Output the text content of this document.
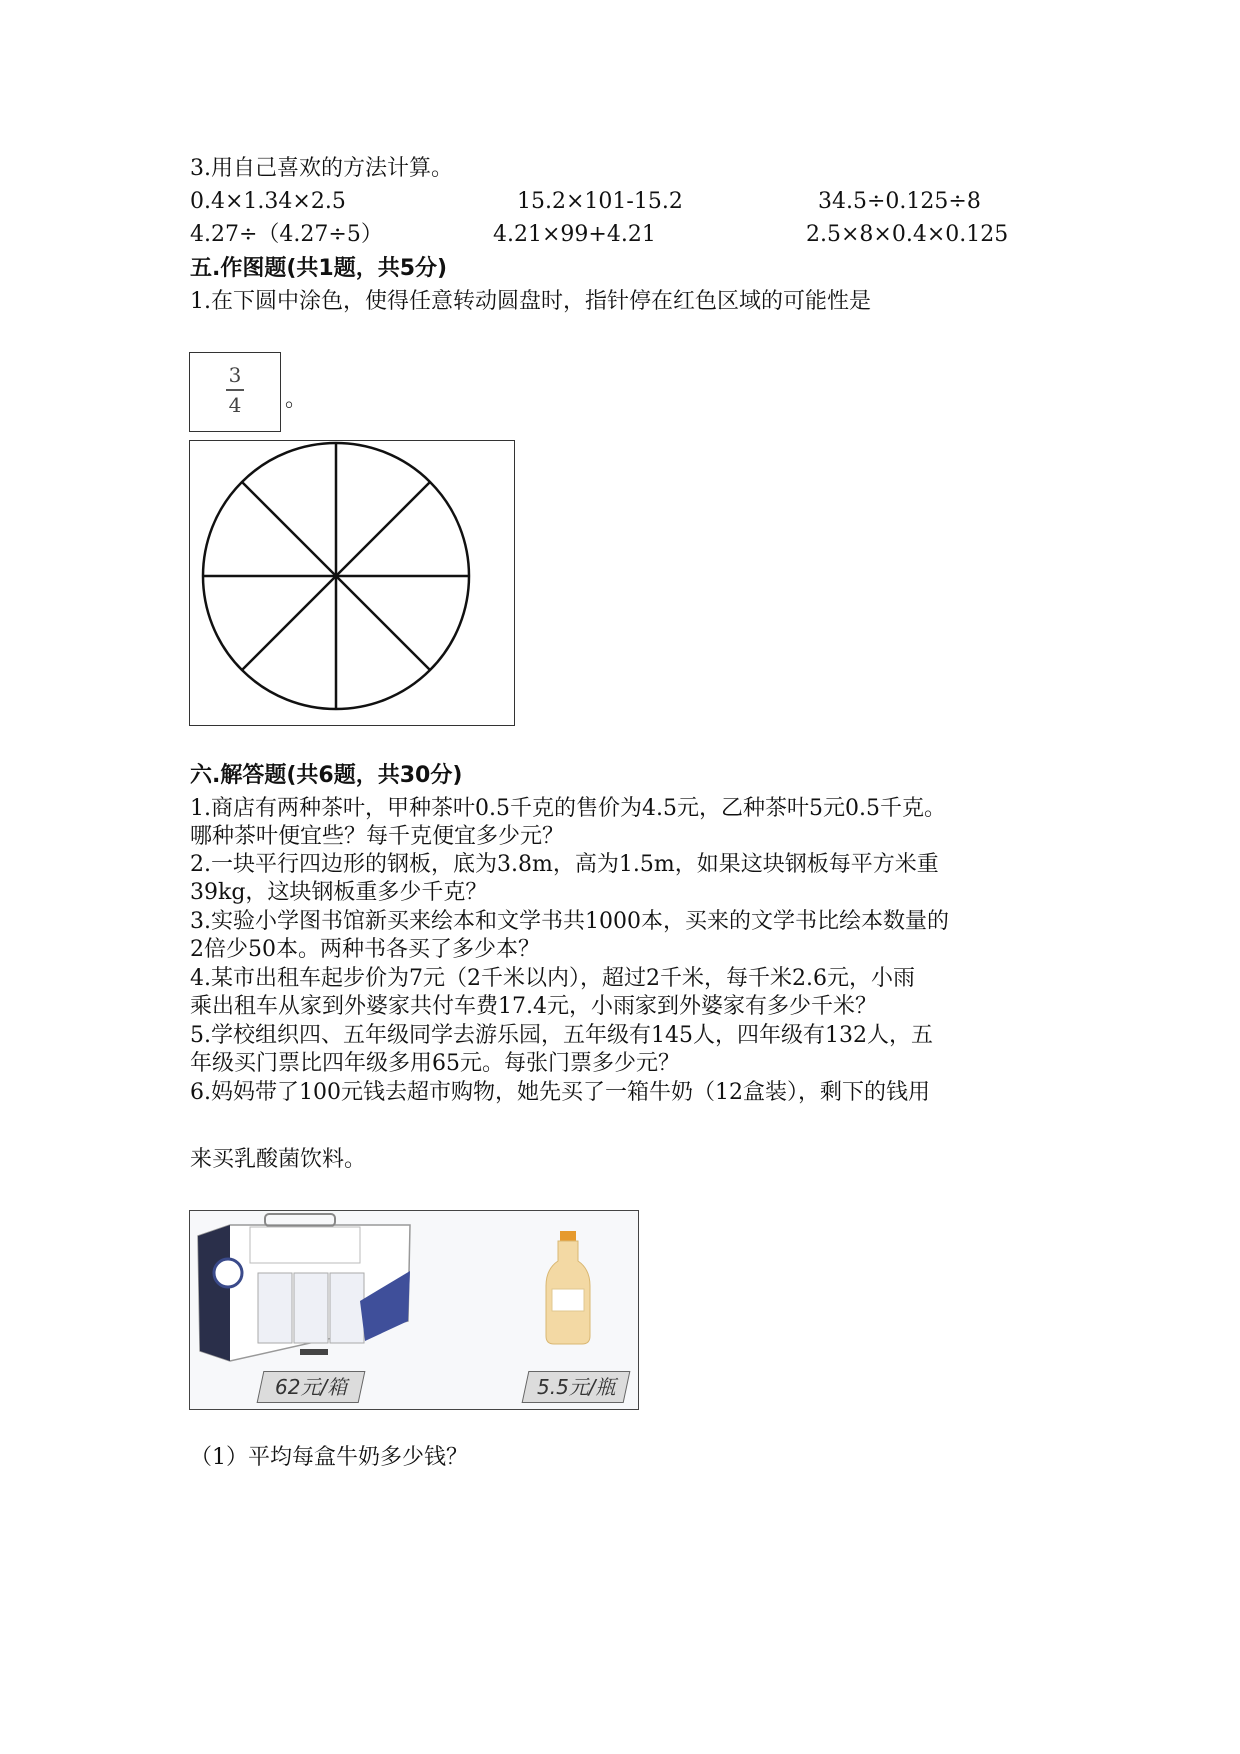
3.用自己喜欢的方法计算。
0.4×1.34×2.5	15.2×101-15.2	34.5÷0.125÷8
4.27÷（4.27÷5）	4.21×99+4.21	2.5×8×0.4×0.125
五.作图题(共1题，共5分)
1.在下圆中涂色，使得任意转动圆盘时，指针停在红色区域的可能性是
3
4	。
六.解答题(共6题，共30分)
1.商店有两种茶叶，甲种茶叶0.5千克的售价为4.5元，乙种茶叶5元0.5千克。
哪种茶叶便宜些？每千克便宜多少元？
2.一块平行四边形的钢板，底为3.8m，高为1.5m，如果这块钢板每平方米重
39kg，这块钢板重多少千克？
3.实验小学图书馆新买来绘本和文学书共1000本，买来的文学书比绘本数量的
2倍少50本。两种书各买了多少本？
4.某市出租车起步价为7元（2千米以内），超过2千米，每千米2.6元，小雨
乘出租车从家到外婆家共付车费17.4元，小雨家到外婆家有多少千米？
5.学校组织四、五年级同学去游乐园，五年级有145人，四年级有132人，五
年级买门票比四年级多用65元。每张门票多少元？
6.妈妈带了100元钱去超市购物，她先买了一箱牛奶（12盒装），剩下的钱用
来买乳酸菌饮料。
62元/箱	5.5元/瓶
（1）平均每盒牛奶多少钱？
